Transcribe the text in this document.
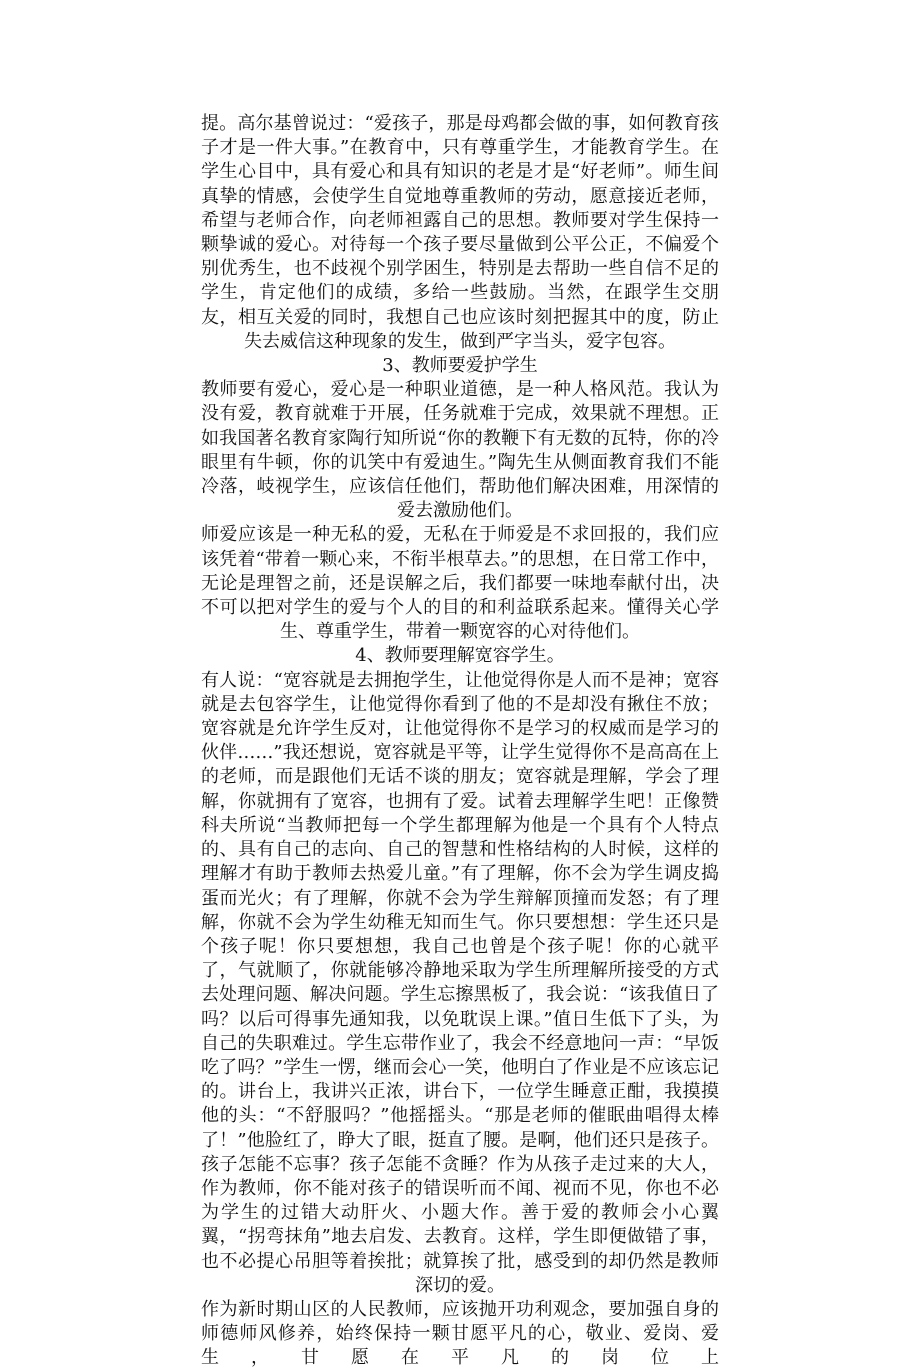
提。高尔基曾说过：“爱孩子，那是母鸡都会做的事，如何教育孩子才是一件大事。”在教育中，只有尊重学生，才能教育学生。在学生心目中，具有爱心和具有知识的老是才是“好老师”。师生间真挚的情感，会使学生自觉地尊重教师的劳动，愿意接近老师，希望与老师合作，向老师袒露自己的思想。教师要对学生保持一颗挚诚的爱心。对待每一个孩子要尽量做到公平公正，不偏爱个别优秀生，也不歧视个别学困生，特别是去帮助一些自信不足的学生，肯定他们的成绩，多给一些鼓励。当然，在跟学生交朋友，相互关爱的同时，我想自己也应该时刻把握其中的度，防止失去威信这种现象的发生，做到严字当头，爱字包容。

3、教师要爱护学生

教师要有爱心，爱心是一种职业道德，是一种人格风范。我认为没有爱，教育就难于开展，任务就难于完成，效果就不理想。正如我国著名教育家陶行知所说“你的教鞭下有无数的瓦特，你的冷眼里有牛顿，你的讥笑中有爱迪生。”陶先生从侧面教育我们不能冷落，岐视学生，应该信任他们，帮助他们解决困难，用深情的爱去激励他们。

师爱应该是一种无私的爱，无私在于师爱是不求回报的，我们应该凭着“带着一颗心来，不衔半根草去。”的思想，在日常工作中，无论是理智之前，还是误解之后，我们都要一味地奉献付出，决不可以把对学生的爱与个人的目的和利益联系起来。懂得关心学生、尊重学生，带着一颗宽容的心对待他们。

4、教师要理解宽容学生。

有人说：“宽容就是去拥抱学生，让他觉得你是人而不是神；宽容就是去包容学生，让他觉得你看到了他的不是却没有揪住不放；宽容就是允许学生反对，让他觉得你不是学习的权威而是学习的伙伴……”我还想说，宽容就是平等，让学生觉得你不是高高在上的老师，而是跟他们无话不谈的朋友；宽容就是理解，学会了理解，你就拥有了宽容，也拥有了爱。试着去理解学生吧！正像赞科夫所说“当教师把每一个学生都理解为他是一个具有个人特点的、具有自己的志向、自己的智慧和性格结构的人时候，这样的理解才有助于教师去热爱儿童。”有了理解，你不会为学生调皮捣蛋而光火；有了理解，你就不会为学生辩解顶撞而发怒；有了理解，你就不会为学生幼稚无知而生气。你只要想想：学生还只是个孩子呢！你只要想想，我自己也曾是个孩子呢！你的心就平了，气就顺了，你就能够冷静地采取为学生所理解所接受的方式去处理问题、解决问题。学生忘擦黑板了，我会说：“该我值日了吗？以后可得事先通知我，以免耽误上课。”值日生低下了头，为自己的失职难过。学生忘带作业了，我会不经意地问一声：“早饭吃了吗？”学生一愣，继而会心一笑，他明白了作业是不应该忘记的。讲台上，我讲兴正浓，讲台下，一位学生睡意正酣，我摸摸他的头：“不舒服吗？”他摇摇头。“那是老师的催眠曲唱得太棒了！”他脸红了，睁大了眼，挺直了腰。是啊，他们还只是孩子。孩子怎能不忘事？孩子怎能不贪睡？作为从孩子走过来的大人，作为教师，你不能对孩子的错误听而不闻、视而不见，你也不必为学生的过错大动肝火、小题大作。善于爱的教师会小心翼翼，“拐弯抹角”地去启发、去教育。这样，学生即便做错了事，也不必提心吊胆等着挨批；就算挨了批，感受到的却仍然是教师深切的爱。

作为新时期山区的人民教师，应该抛开功利观念，要加强自身的师德师风修养，始终保持一颗甘愿平凡的心，敬业、爱岗、爱生，甘愿在平凡的岗位上
